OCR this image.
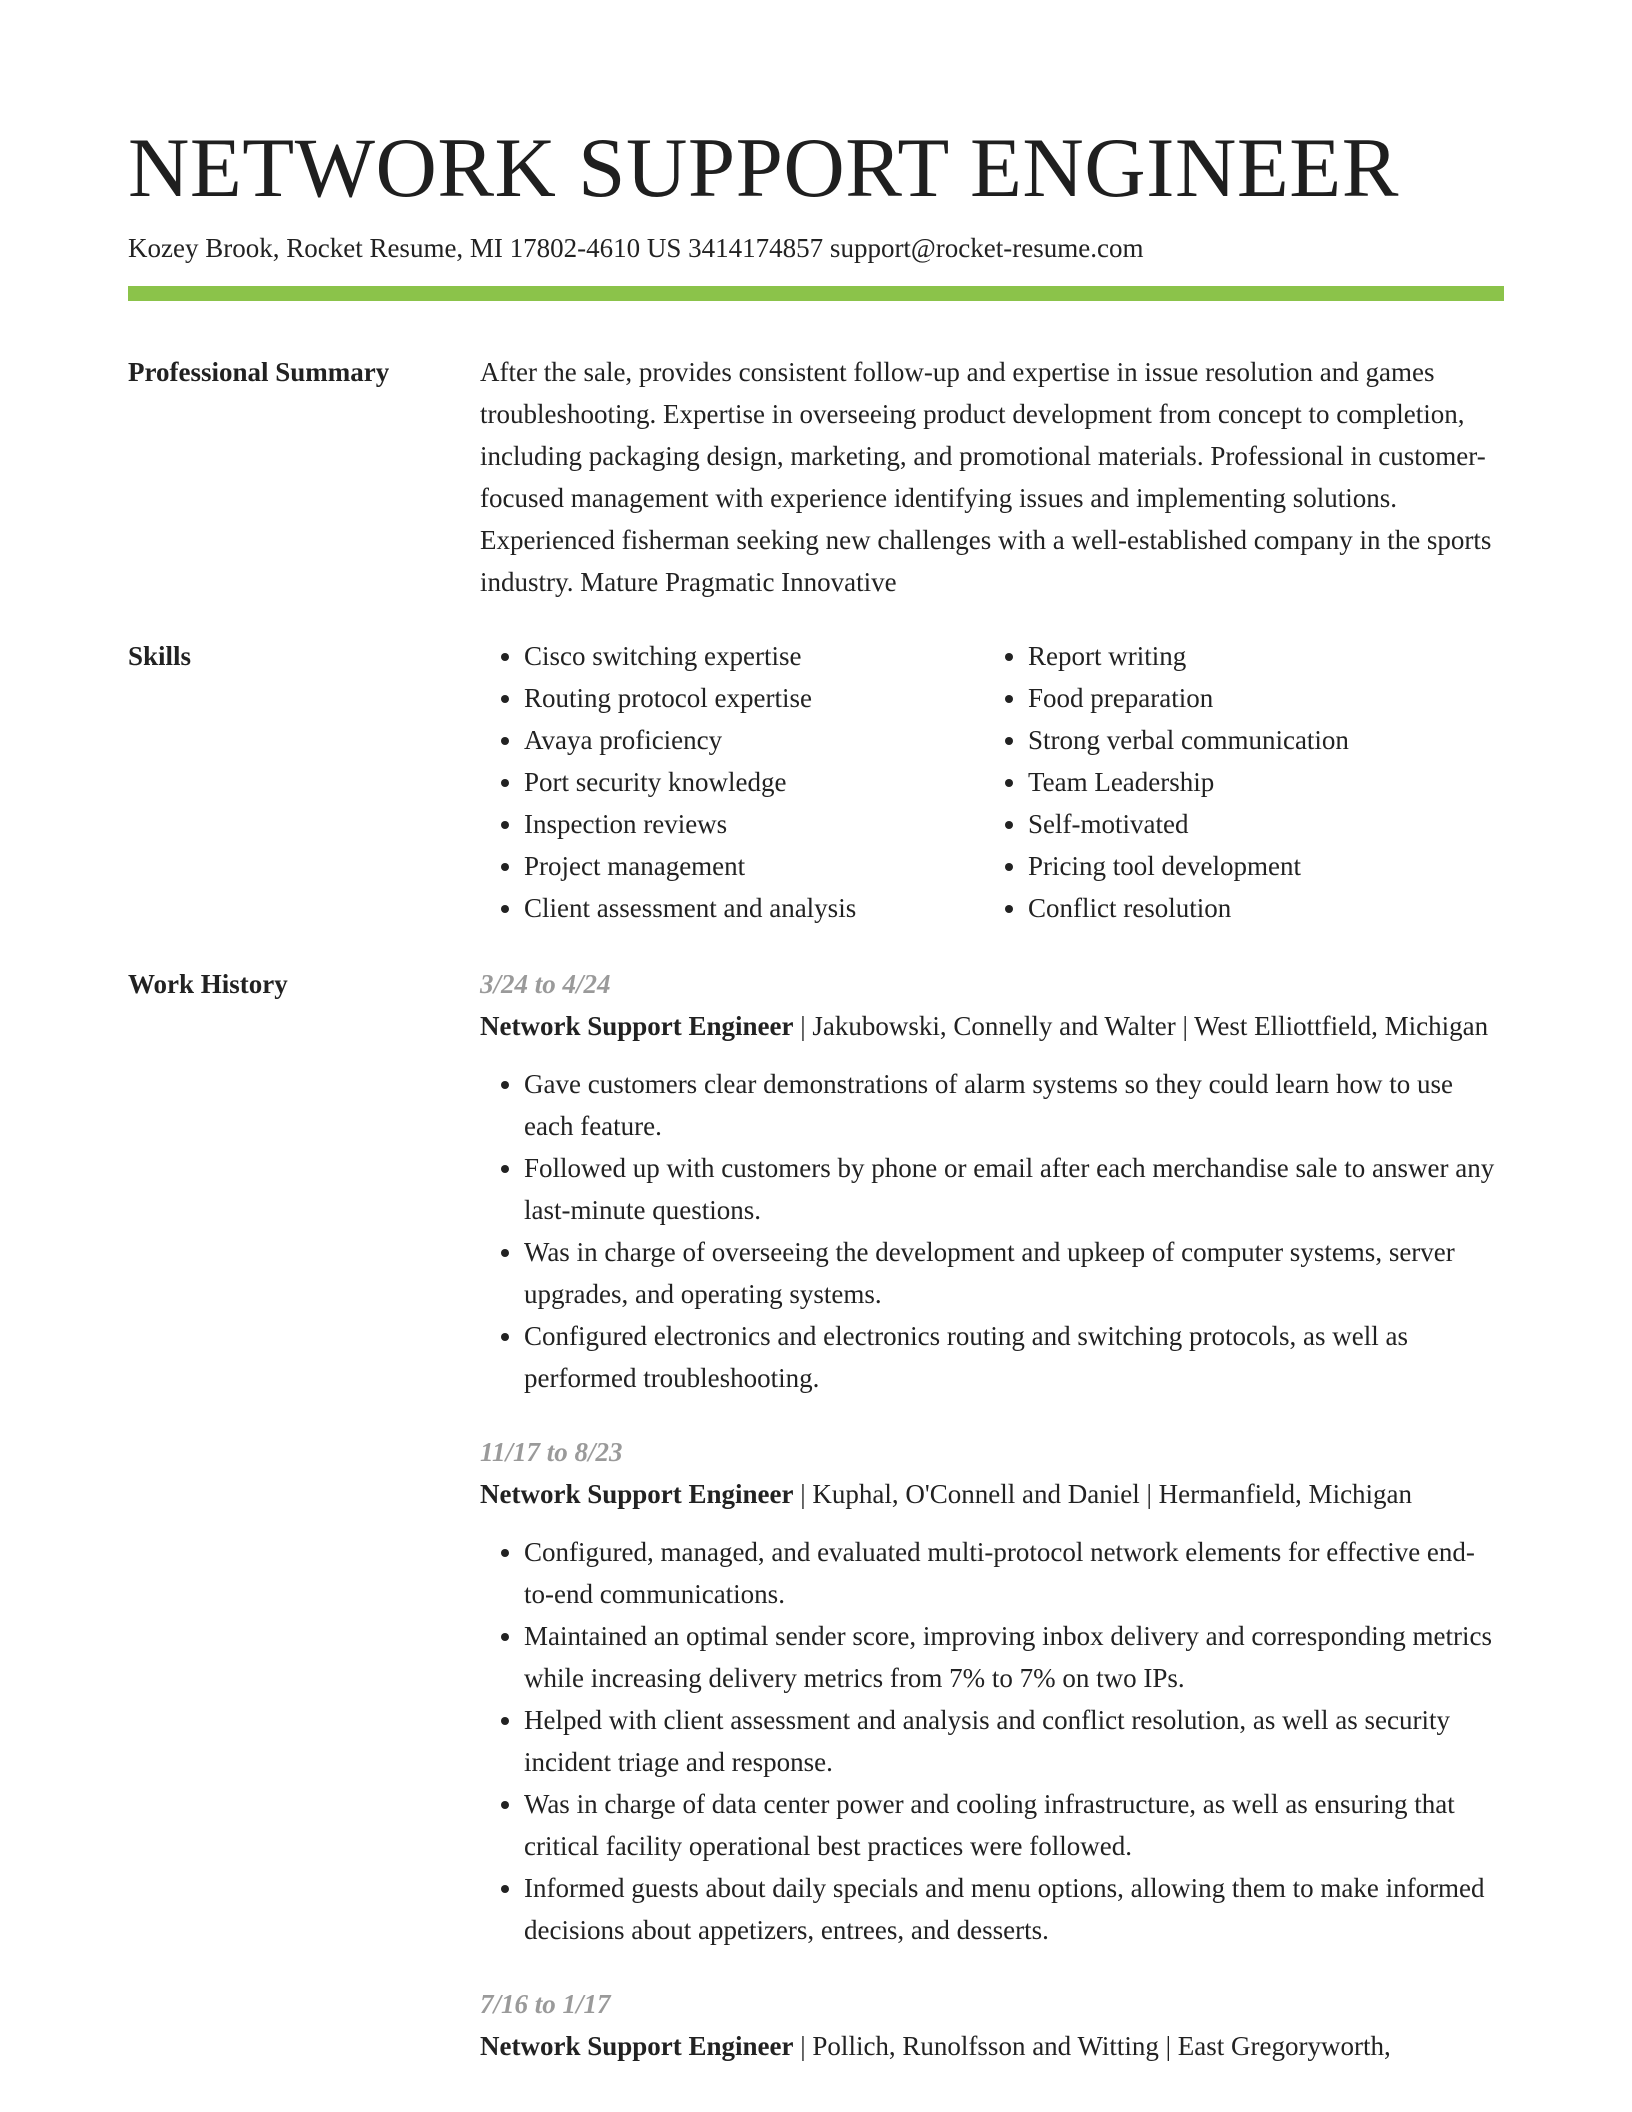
NETWORK SUPPORT ENGINEER
Kozey Brook, Rocket Resume, MI 17802-4610 US 3414174857 support@rocket-resume.com
Professional Summary	After the sale, provides consistent follow-up and expertise in issue resolution and games troubleshooting. Expertise in overseeing product development from concept to completion, including packaging design, marketing, and promotional materials. Professional in customer-focused management with experience identifying issues and implementing solutions. Experienced fisherman seeking new challenges with a well-established company in the sports industry. Mature Pragmatic Innovative
Skills
•	Cisco switching expertise
• Routing protocol expertise
• Avaya proficiency
• Port security knowledge
• Inspection reviews
• Project management
• Client assessment and analysis
• Report writing
• Food preparation
• Strong verbal communication
• Team Leadership
• Self-motivated
• Pricing tool development
• Conflict resolution
Work History	3/24 to 4/24
Network Support Engineer | Jakubowski, Connelly and Walter | West Elliottfield, Michigan
• Gave customers clear demonstrations of alarm systems so they could learn how to use each feature.
• Followed up with customers by phone or email after each merchandise sale to answer any last-minute questions.
• Was in charge of overseeing the development and upkeep of computer systems, server upgrades, and operating systems.
• Configured electronics and electronics routing and switching protocols, as well as performed troubleshooting.
11/17 to 8/23
Network Support Engineer | Kuphal, O'Connell and Daniel | Hermanfield, Michigan
• Configured, managed, and evaluated multi-protocol network elements for effective end-to-end communications.
• Maintained an optimal sender score, improving inbox delivery and corresponding metrics while increasing delivery metrics from 7% to 7% on two IPs.
• Helped with client assessment and analysis and conflict resolution, as well as security incident triage and response.
• Was in charge of data center power and cooling infrastructure, as well as ensuring that critical facility operational best practices were followed.
• Informed guests about daily specials and menu options, allowing them to make informed decisions about appetizers, entrees, and desserts.
7/16 to 1/17
Network Support Engineer | Pollich, Runolfsson and Witting | East Gregoryworth,
